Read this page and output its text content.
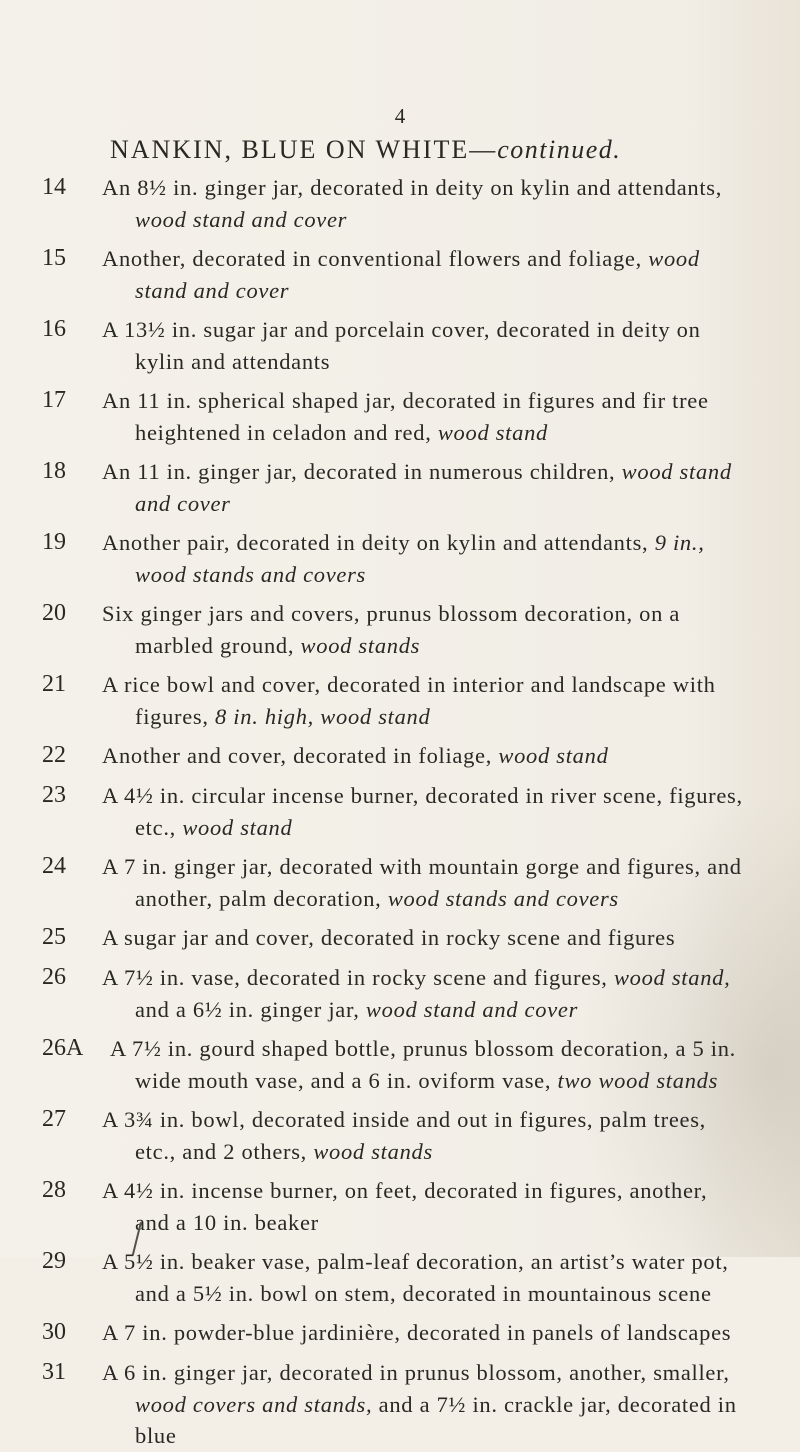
4
NANKIN, BLUE ON WHITE—continued.
14	An 8½ in. ginger jar, decorated in deity on kylin and attendants, wood stand and cover
15	Another, decorated in conventional flowers and foliage, wood stand and cover
16	A 13½ in. sugar jar and porcelain cover, decorated in deity on kylin and attendants
17	An 11 in. spherical shaped jar, decorated in figures and fir tree heightened in celadon and red, wood stand
18	An 11 in. ginger jar, decorated in numerous children, wood stand and cover
19	Another pair, decorated in deity on kylin and attendants, 9 in., wood stands and covers
20	Six ginger jars and covers, prunus blossom decoration, on a marbled ground, wood stands
21	A rice bowl and cover, decorated in interior and landscape with figures, 8 in. high, wood stand
22	Another and cover, decorated in foliage, wood stand
23	A 4½ in. circular incense burner, decorated in river scene, figures, etc., wood stand
24	A 7 in. ginger jar, decorated with mountain gorge and figures, and another, palm decoration, wood stands and covers
25	A sugar jar and cover, decorated in rocky scene and figures
26	A 7½ in. vase, decorated in rocky scene and figures, wood stand, and a 6½ in. ginger jar, wood stand and cover
26A	A 7½ in. gourd shaped bottle, prunus blossom decoration, a 5 in. wide mouth vase, and a 6 in. oviform vase, two wood stands
27	A 3¾ in. bowl, decorated inside and out in figures, palm trees, etc., and 2 others, wood stands
28	A 4½ in. incense burner, on feet, decorated in figures, another, and a 10 in. beaker
29	A 5½ in. beaker vase, palm-leaf decoration, an artist’s water pot, and a 5½ in. bowl on stem, decorated in mountainous scene
30	A 7 in. powder-blue jardinière, decorated in panels of landscapes
31	A 6 in. ginger jar, decorated in prunus blossom, another, smaller, wood covers and stands, and a 7½ in. crackle jar, decorated in blue
